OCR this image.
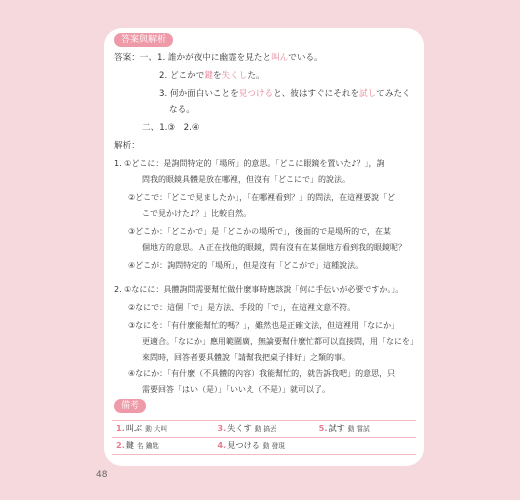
答案與解析
答案：一、1. 誰かが夜中に幽霊を見たと叫んでいる。
2. どこかで鍵を失くした。
3. 何か面白いことを見つけると、彼はすぐにそれを試してみたく
なる。
二、1.③　2.④
解析：
1. ①どこに：是詢問特定的「場所」的意思。「どこに眼鏡を置いた♪？」，詢
問我的眼鏡具體是放在哪裡，但沒有「どこにで」的說法。
②どこで：「どこで見ましたか」，「在哪裡看到？」的問法，在這裡要說「ど
こで見かけた♪？」比較自然。
③どこか：「どこかで」是「どこかの場所で」，後面的で是場所的で，在某
個地方的意思。Ａ正在找他的眼鏡，問有沒有在某個地方看到我的眼鏡呢？
④どこが：詢問特定的「場所」，但是沒有「どこがで」這種說法。
2. ①なにに：具體詢問需要幫忙做什麼事時應該說「何に手伝いが必要ですか。」。
②なにで：這個「で」是方法、手段的「で」，在這裡文意不符。
③なにを：「有什麼能幫忙的嗎？」，雖然也是正確文法，但這裡用「なにか」
更適合。「なにか」應用範圍廣，無論要幫什麼忙都可以直接問，用「なにを」
來問時，回答者要具體說「請幫我把桌子排好」之類的事。
④なにか：「有什麼（不具體的內容）我能幫忙的，就告訴我吧」的意思，只
需要回答「はい（是）」「いいえ（不是）」就可以了。
備考
1.叫ぶ 動 大叫	3.失くす 動 搞丟	5.試す 動 嘗試
2.鍵 名 鑰匙	4.見つける 動 發現
48
